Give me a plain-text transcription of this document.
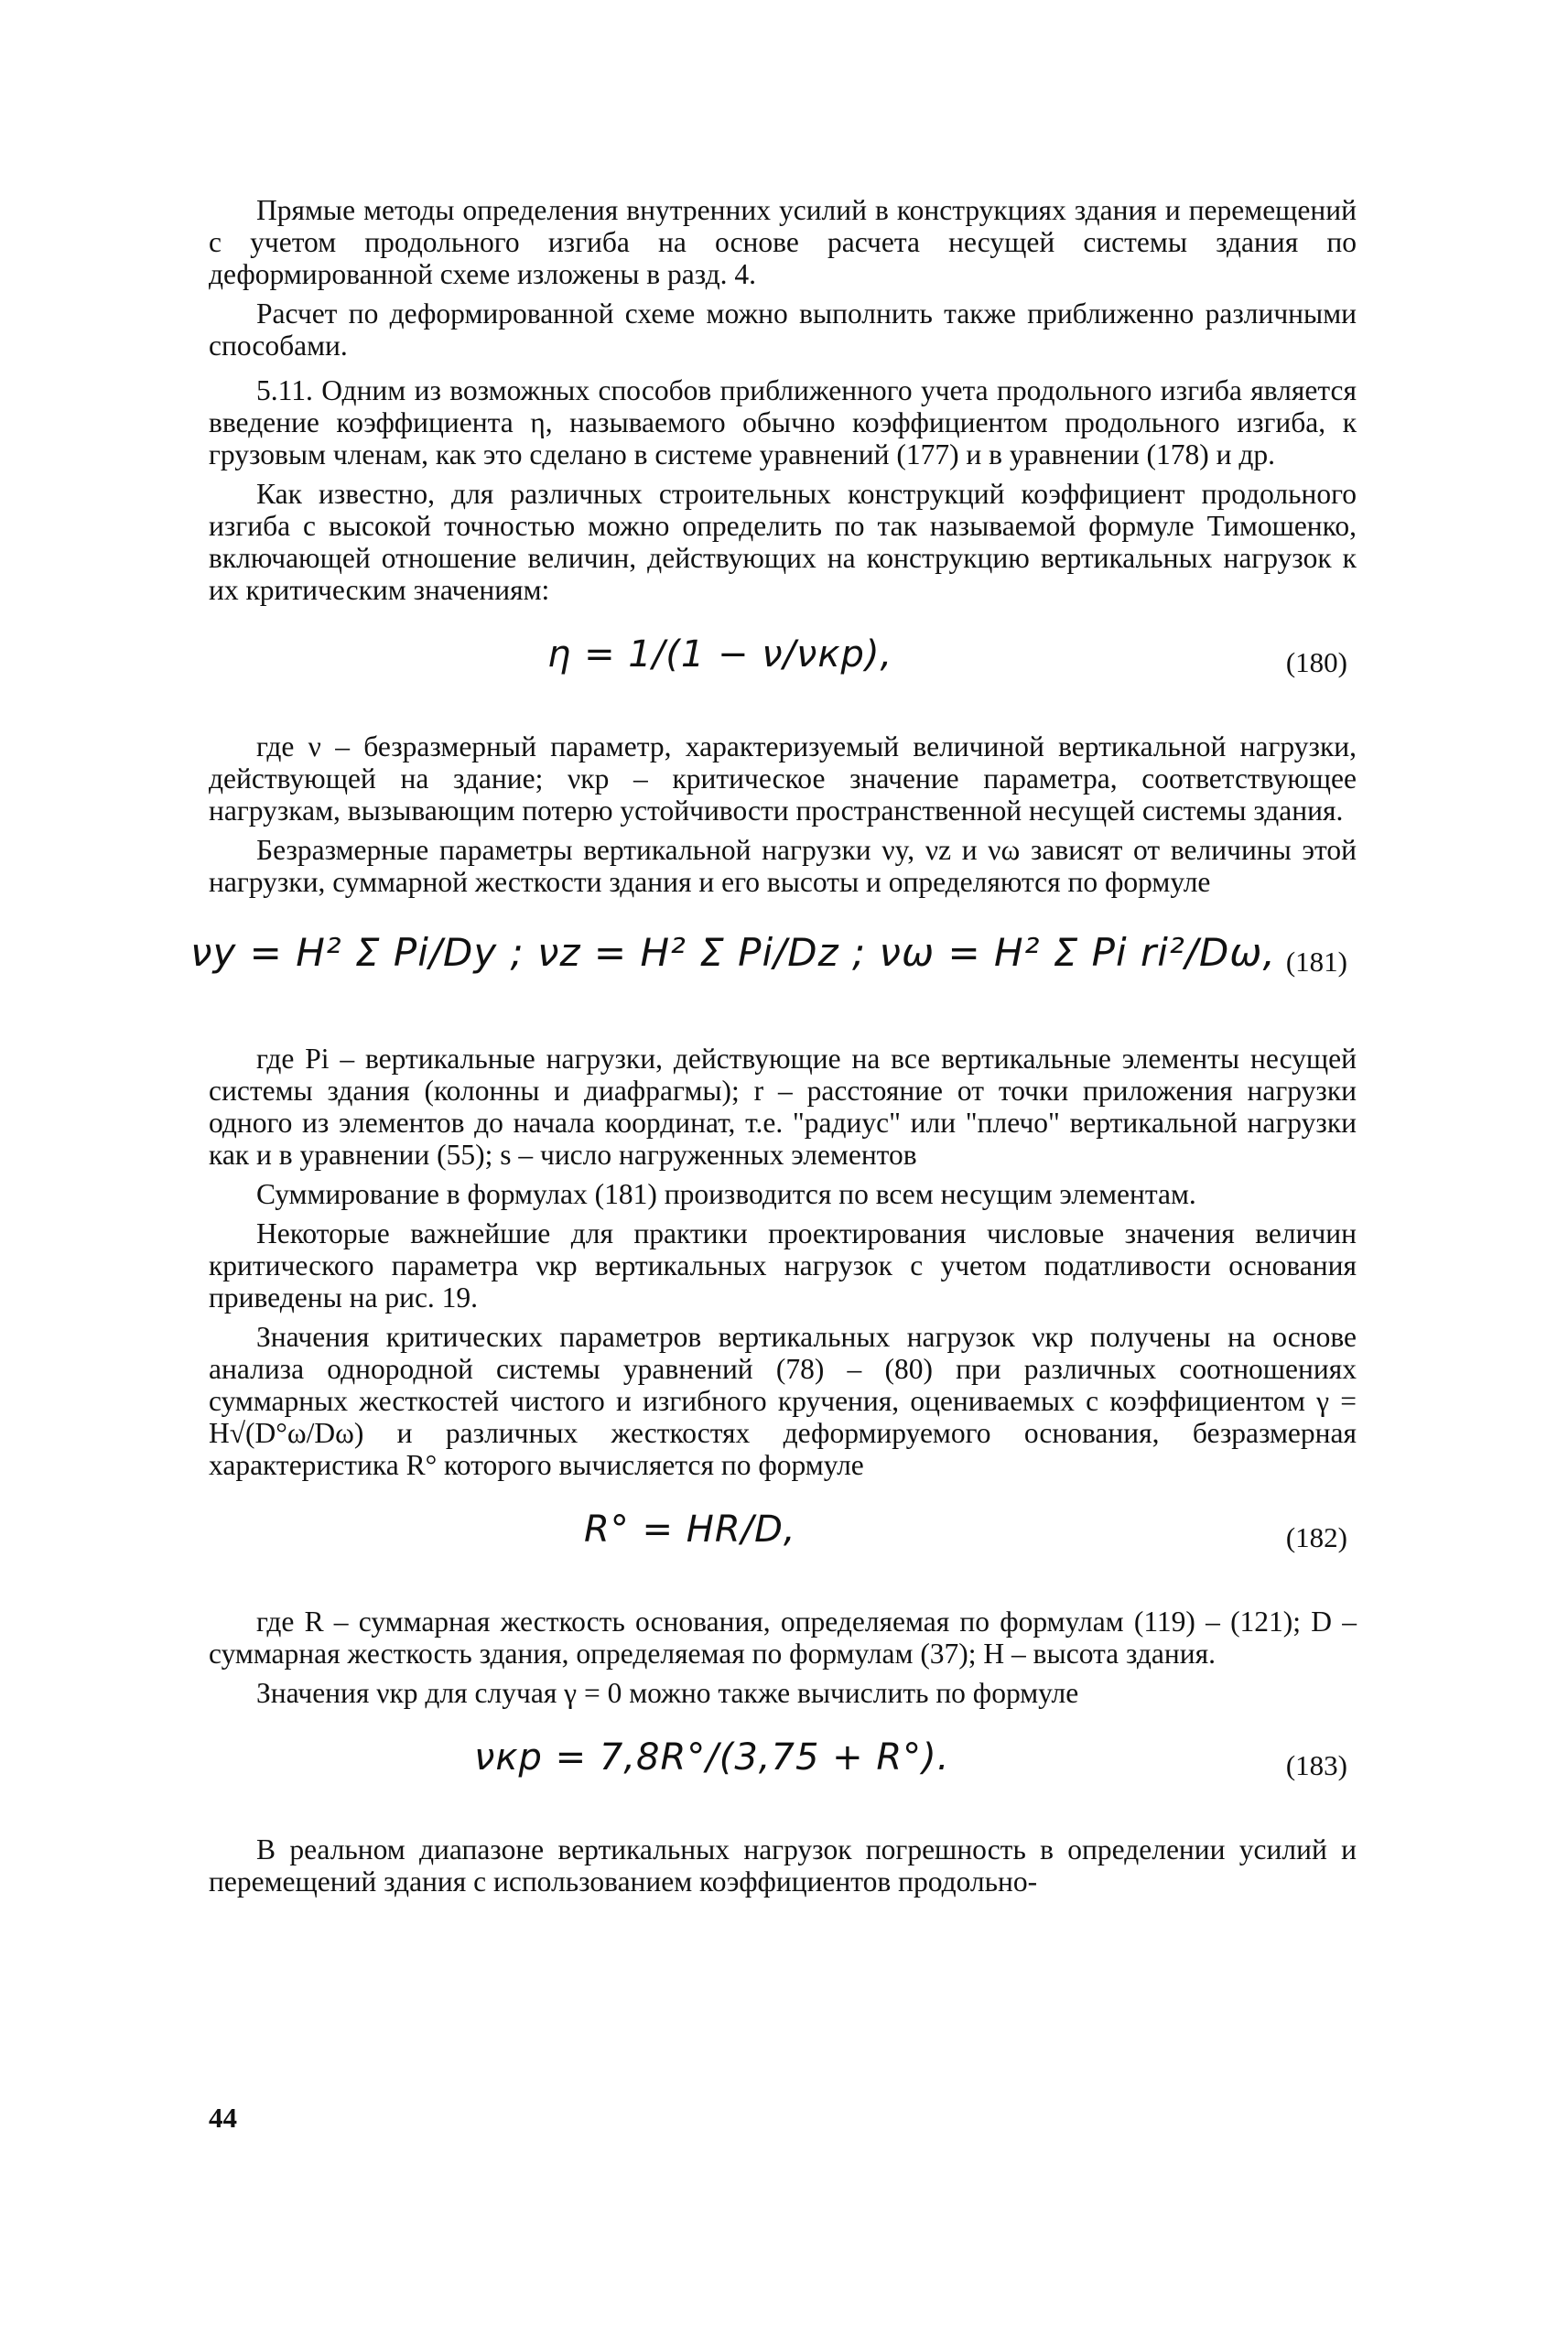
Прямые методы определения внутренних усилий в конструкциях здания и перемещений с учетом продольного изгиба на основе расчета несущей системы здания по деформированной схеме изложены в разд. 4.

Расчет по деформированной схеме можно выполнить также приближенно различными способами.

5.11. Одним из возможных способов приближенного учета продольного изгиба является введение коэффициента η, называемого обычно коэффициентом продольного изгиба, к грузовым членам, как это сделано в системе уравнений (177) и в уравнении (178) и др.

Как известно, для различных строительных конструкций коэффициент продольного изгиба с высокой точностью можно определить по так называемой формуле Тимошенко, включающей отношение величин, действующих на конструкцию вертикальных нагрузок к их критическим значениям:

η = 1/(1 − ν/νкр),	(180)

где ν – безразмерный параметр, характеризуемый величиной вертикальной нагрузки, действующей на здание; νкр – критическое значение параметра, соответствующее нагрузкам, вызывающим потерю устойчивости пространственной несущей системы здания.

Безразмерные параметры вертикальной нагрузки νy, νz и νω зависят от величины этой нагрузки, суммарной жесткости здания и его высоты и определяются по формуле

νy = H² Σ Pi/Dy ; νz = H² Σ Pi/Dz ; νω = H² Σ Pi ri²/Dω, (181)

где Pi – вертикальные нагрузки, действующие на все вертикальные элементы несущей системы здания (колонны и диафрагмы); r – расстояние от точки приложения нагрузки одного из элементов до начала координат, т.е. "радиус" или "плечо" вертикальной нагрузки как и в уравнении (55); s – число нагруженных элементов

Суммирование в формулах (181) производится по всем несущим элементам.

Некоторые важнейшие для практики проектирования числовые значения величин критического параметра νкр вертикальных нагрузок с учетом податливости основания приведены на рис. 19.

Значения критических параметров вертикальных нагрузок νкр получены на основе анализа однородной системы уравнений (78) – (80) при различных соотношениях суммарных жесткостей чистого и изгибного кручения, оцениваемых с коэффициентом γ = H√(D°ω/Dω) и различных жесткостях деформируемого основания, безразмерная характеристика R° которого вычисляется по формуле

R° = HR/D,	(182)

где R – суммарная жесткость основания, определяемая по формулам (119) – (121); D – суммарная жесткость здания, определяемая по формулам (37); H – высота здания.

Значения νкр для случая γ = 0 можно также вычислить по формуле

νкр = 7,8R°/(3,75 + R°).	(183)

В реальном диапазоне вертикальных нагрузок погрешность в определении усилий и перемещений здания с использованием коэффициентов продольно-

44
